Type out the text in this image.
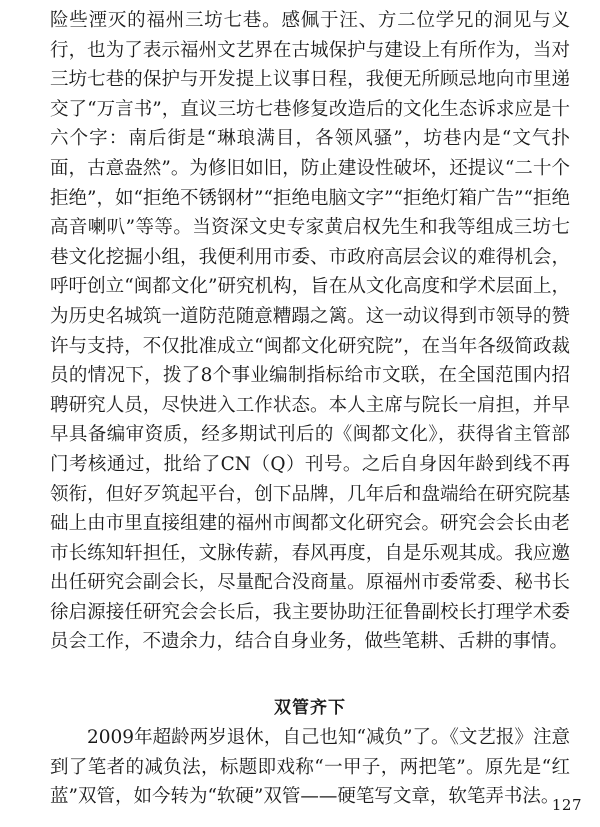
险些湮灭的福州三坊七巷。感佩于汪、方二位学兄的洞见与义行，也为了表示福州文艺界在古城保护与建设上有所作为，当对三坊七巷的保护与开发提上议事日程，我便无所顾忌地向市里递交了“万言书”，直议三坊七巷修复改造后的文化生态诉求应是十六个字：南后街是“琳琅满目，各领风骚”，坊巷内是“文气扑面，古意盎然”。为修旧如旧，防止建设性破坏，还提议“二十个拒绝”，如“拒绝不锈钢材”“拒绝电脑文字”“拒绝灯箱广告”“拒绝高音喇叭”等等。当资深文史专家黄启权先生和我等组成三坊七巷文化挖掘小组，我便利用市委、市政府高层会议的难得机会，呼吁创立“闽都文化”研究机构，旨在从文化高度和学术层面上，为历史名城筑一道防范随意糟蹋之篱。这一动议得到市领导的赞许与支持，不仅批准成立“闽都文化研究院”，在当年各级简政裁员的情况下，拨了8个事业编制指标给市文联，在全国范围内招聘研究人员，尽快进入工作状态。本人主席与院长一肩担，并早早具备编审资质，经多期试刊后的《闽都文化》，获得省主管部门考核通过，批给了CN（Q）刊号。之后自身因年龄到线不再领衔，但好歹筑起平台，创下品牌，几年后和盘端给在研究院基础上由市里直接组建的福州市闽都文化研究会。研究会会长由老市长练知轩担任，文脉传薪，春风再度，自是乐观其成。我应邀出任研究会副会长，尽量配合没商量。原福州市委常委、秘书长徐启源接任研究会会长后，我主要协助汪征鲁副校长打理学术委员会工作，不遗余力，结合自身业务，做些笔耕、舌耕的事情。

双管齐下

2009年超龄两岁退休，自己也知“减负”了。《文艺报》注意到了笔者的减负法，标题即戏称“一甲子，两把笔”。原先是“红蓝”双管，如今转为“软硬”双管——硬笔写文章，软笔弄书法。

127
